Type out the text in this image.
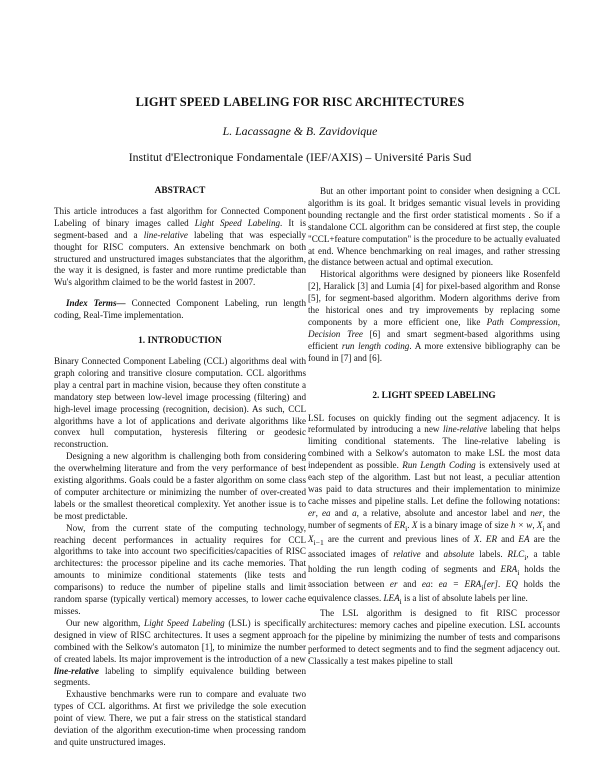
LIGHT SPEED LABELING FOR RISC ARCHITECTURES
L. Lacassagne & B. Zavidovique
Institut d'Electronique Fondamentale (IEF/AXIS) – Université Paris Sud
ABSTRACT

This article introduces a fast algorithm for Connected Component Labeling of binary images called Light Speed Labeling. It is segment-based and a line-relative labeling that was especially thought for RISC computers. An extensive benchmark on both structured and unstructured images substanciates that the algorithm, the way it is designed, is faster and more runtime predictable than Wu's algorithm claimed to be the world fastest in 2007.

Index Terms— Connected Component Labeling, run length coding, Real-Time implementation.

1. INTRODUCTION

Binary Connected Component Labeling (CCL) algorithms deal with graph coloring and transitive closure computation. CCL algorithms play a central part in machine vision, because they often constitute a mandatory step between low-level image processing (filtering) and high-level image processing (recognition, decision). As such, CCL algorithms have a lot of applications and derivate algorithms like convex hull computation, hysteresis filtering or geodesic reconstruction.

Designing a new algorithm is challenging both from considering the overwhelming literature and from the very performance of best existing algorithms. Goals could be a faster algorithm on some class of computer architecture or minimizing the number of over-created labels or the smallest theoretical complexity. Yet another issue is to be most predictable.

Now, from the current state of the computing technology, reaching decent performances in actuality requires for CCL algorithms to take into account two specificities/capacities of RISC architectures: the processor pipeline and its cache memories. That amounts to minimize conditional statements (like tests and comparisons) to reduce the number of pipeline stalls and limit random sparse (typically vertical) memory accesses, to lower cache misses.

Our new algorithm, Light Speed Labeling (LSL) is specifically designed in view of RISC architectures. It uses a segment approach combined with the Selkow's automaton [1], to minimize the number of created labels. Its major improvement is the introduction of a new line-relative labeling to simplify equivalence building between segments.

Exhaustive benchmarks were run to compare and evaluate two types of CCL algorithms. At first we priviledge the sole execution point of view. There, we put a fair stress on the statistical standard deviation of the algorithm execution-time when processing random and quite unstructured images.

But an other important point to consider when designing a CCL algorithm is its goal. It bridges semantic visual levels in providing bounding rectangle and the first order statistical moments . So if a standalone CCL algorithm can be considered at first step, the couple "CCL+feature computation" is the procedure to be actually evaluated at end. Whence benchmarking on real images, and rather stressing the distance between actual and optimal execution.

Historical algorithms were designed by pioneers like Rosenfeld [2], Haralick [3] and Lumia [4] for pixel-based algorithm and Ronse [5], for segment-based algorithm. Modern algorithms derive from the historical ones and try improvements by replacing some components by a more efficient one, like Path Compression, Decision Tree [6] and smart segment-based algorithms using efficient run length coding. A more extensive bibliography can be found in [7] and [6].

2. LIGHT SPEED LABELING

LSL focuses on quickly finding out the segment adjacency. It is reformulated by introducing a new line-relative labeling that helps limiting conditional statements. The line-relative labeling is combined with a Selkow's automaton to make LSL the most data independent as possible. Run Length Coding is extensively used at each step of the algorithm. Last but not least, a peculiar attention was paid to data structures and their implementation to minimize cache misses and pipeline stalls. Let define the following notations: er, ea and a, a relative, absolute and ancestor label and ner, the number of segments of $ER_i$. X is a binary image of size h × w, $X_i$ and $X_{i-1}$ are the current and previous lines of X. ER and EA are the associated images of relative and absolute labels. $RLC_i$, a table holding the run length coding of segments and $ERA_i$ holds the association between er and ea: ea = $ERA_i[er]$. EQ holds the equivalence classes. $LEA_i$ is a list of absolute labels per line.

The LSL algorithm is designed to fit RISC processor architectures: memory caches and pipeline execution. LSL accounts for the pipeline by minimizing the number of tests and comparisons performed to detect segments and to find the segment adjacency out. Classically a test makes pipeline to stall
